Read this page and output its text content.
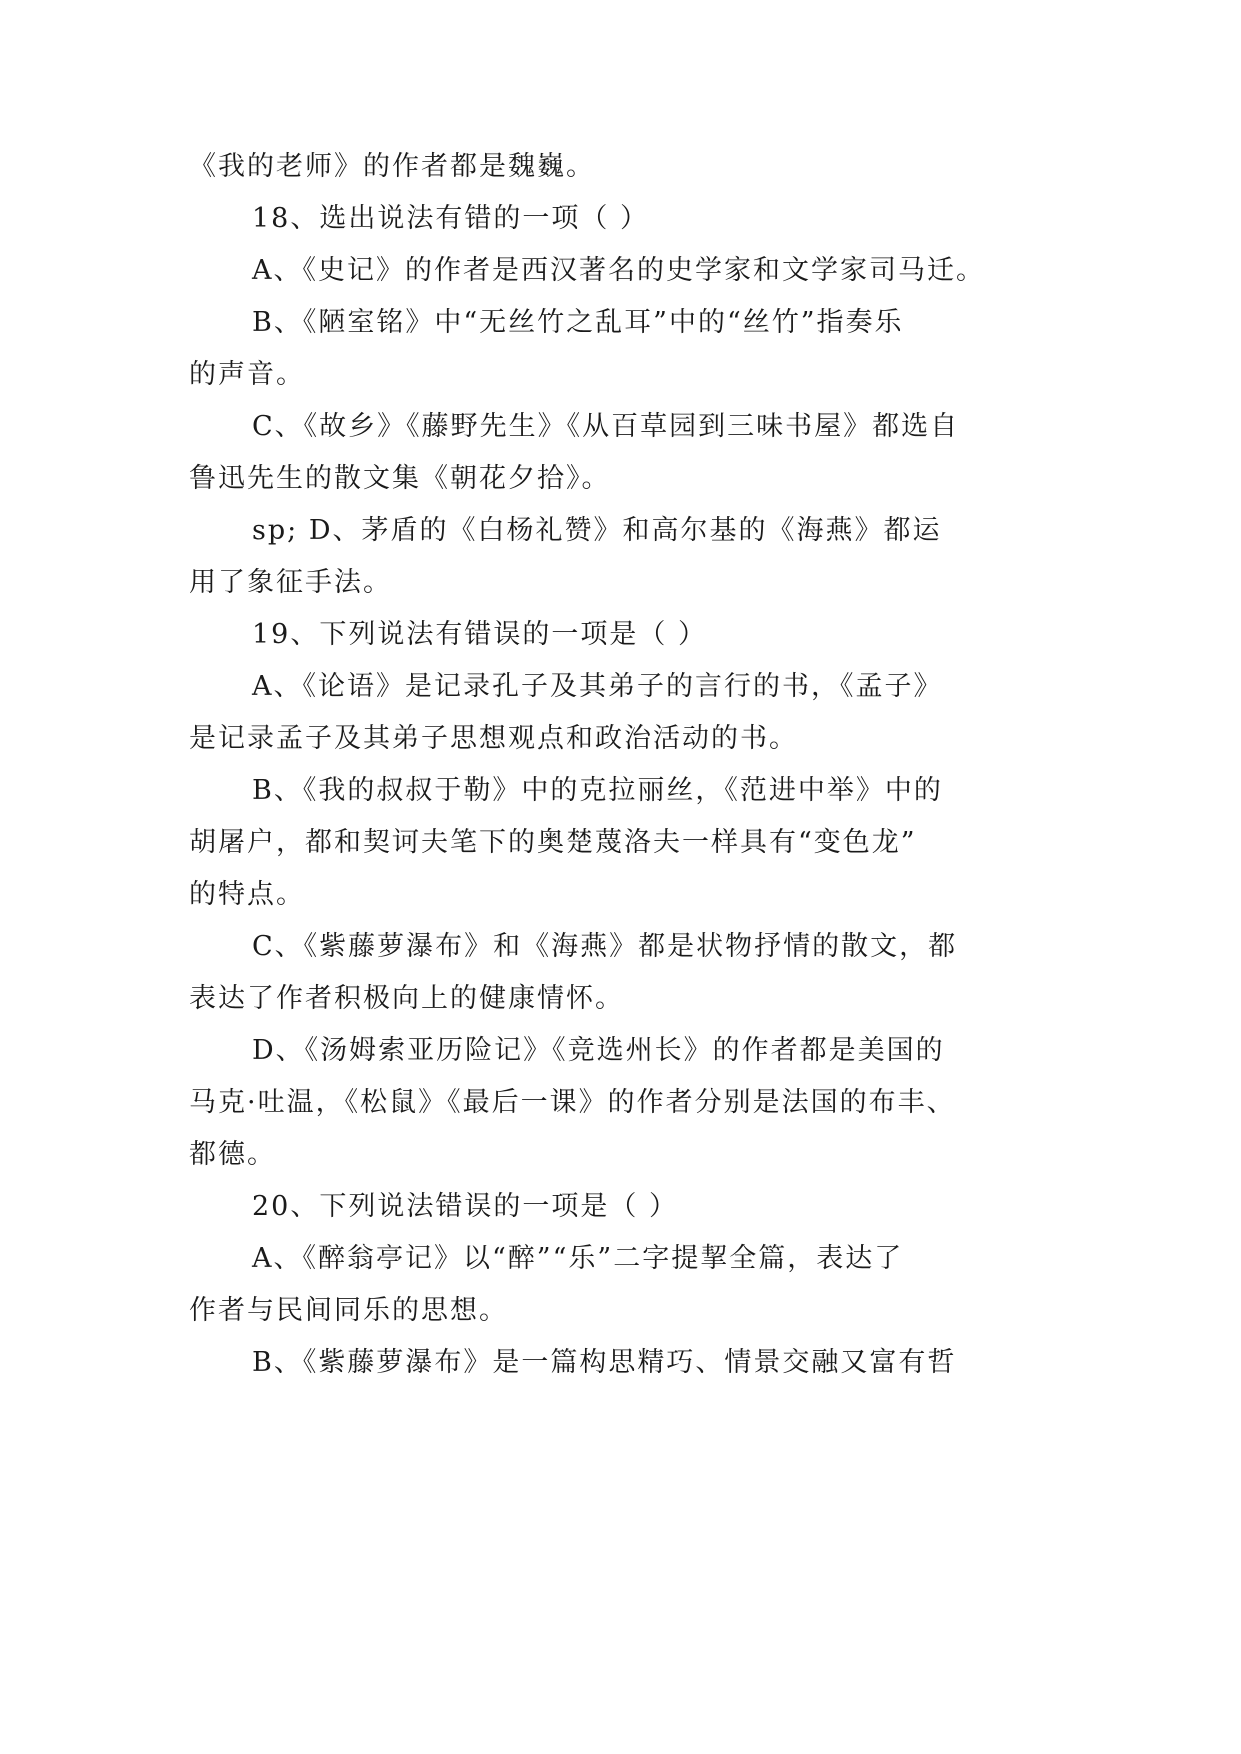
《我的老师》的作者都是魏巍。
18、选出说法有错的一项（ ）
A、《史记》的作者是西汉著名的史学家和文学家司马迁。
B、《陋室铭》中“无丝竹之乱耳”中的“丝竹”指奏乐
的声音。
C、《故乡》《藤野先生》《从百草园到三味书屋》都选自
鲁迅先生的散文集《朝花夕拾》。
sp; D、茅盾的《白杨礼赞》和高尔基的《海燕》都运
用了象征手法。
19、下列说法有错误的一项是（ ）
A、《论语》是记录孔子及其弟子的言行的书，《孟子》
是记录孟子及其弟子思想观点和政治活动的书。
B、《我的叔叔于勒》中的克拉丽丝，《范进中举》中的
胡屠户，都和契诃夫笔下的奥楚蔑洛夫一样具有“变色龙”
的特点。
C、《紫藤萝瀑布》和《海燕》都是状物抒情的散文，都
表达了作者积极向上的健康情怀。
D、《汤姆索亚历险记》《竞选州长》的作者都是美国的
马克·吐温，《松鼠》《最后一课》的作者分别是法国的布丰、
都德。
20、下列说法错误的一项是（ ）
A、《醉翁亭记》以“醉”“乐”二字提挈全篇，表达了
作者与民间同乐的思想。
B、《紫藤萝瀑布》是一篇构思精巧、情景交融又富有哲
